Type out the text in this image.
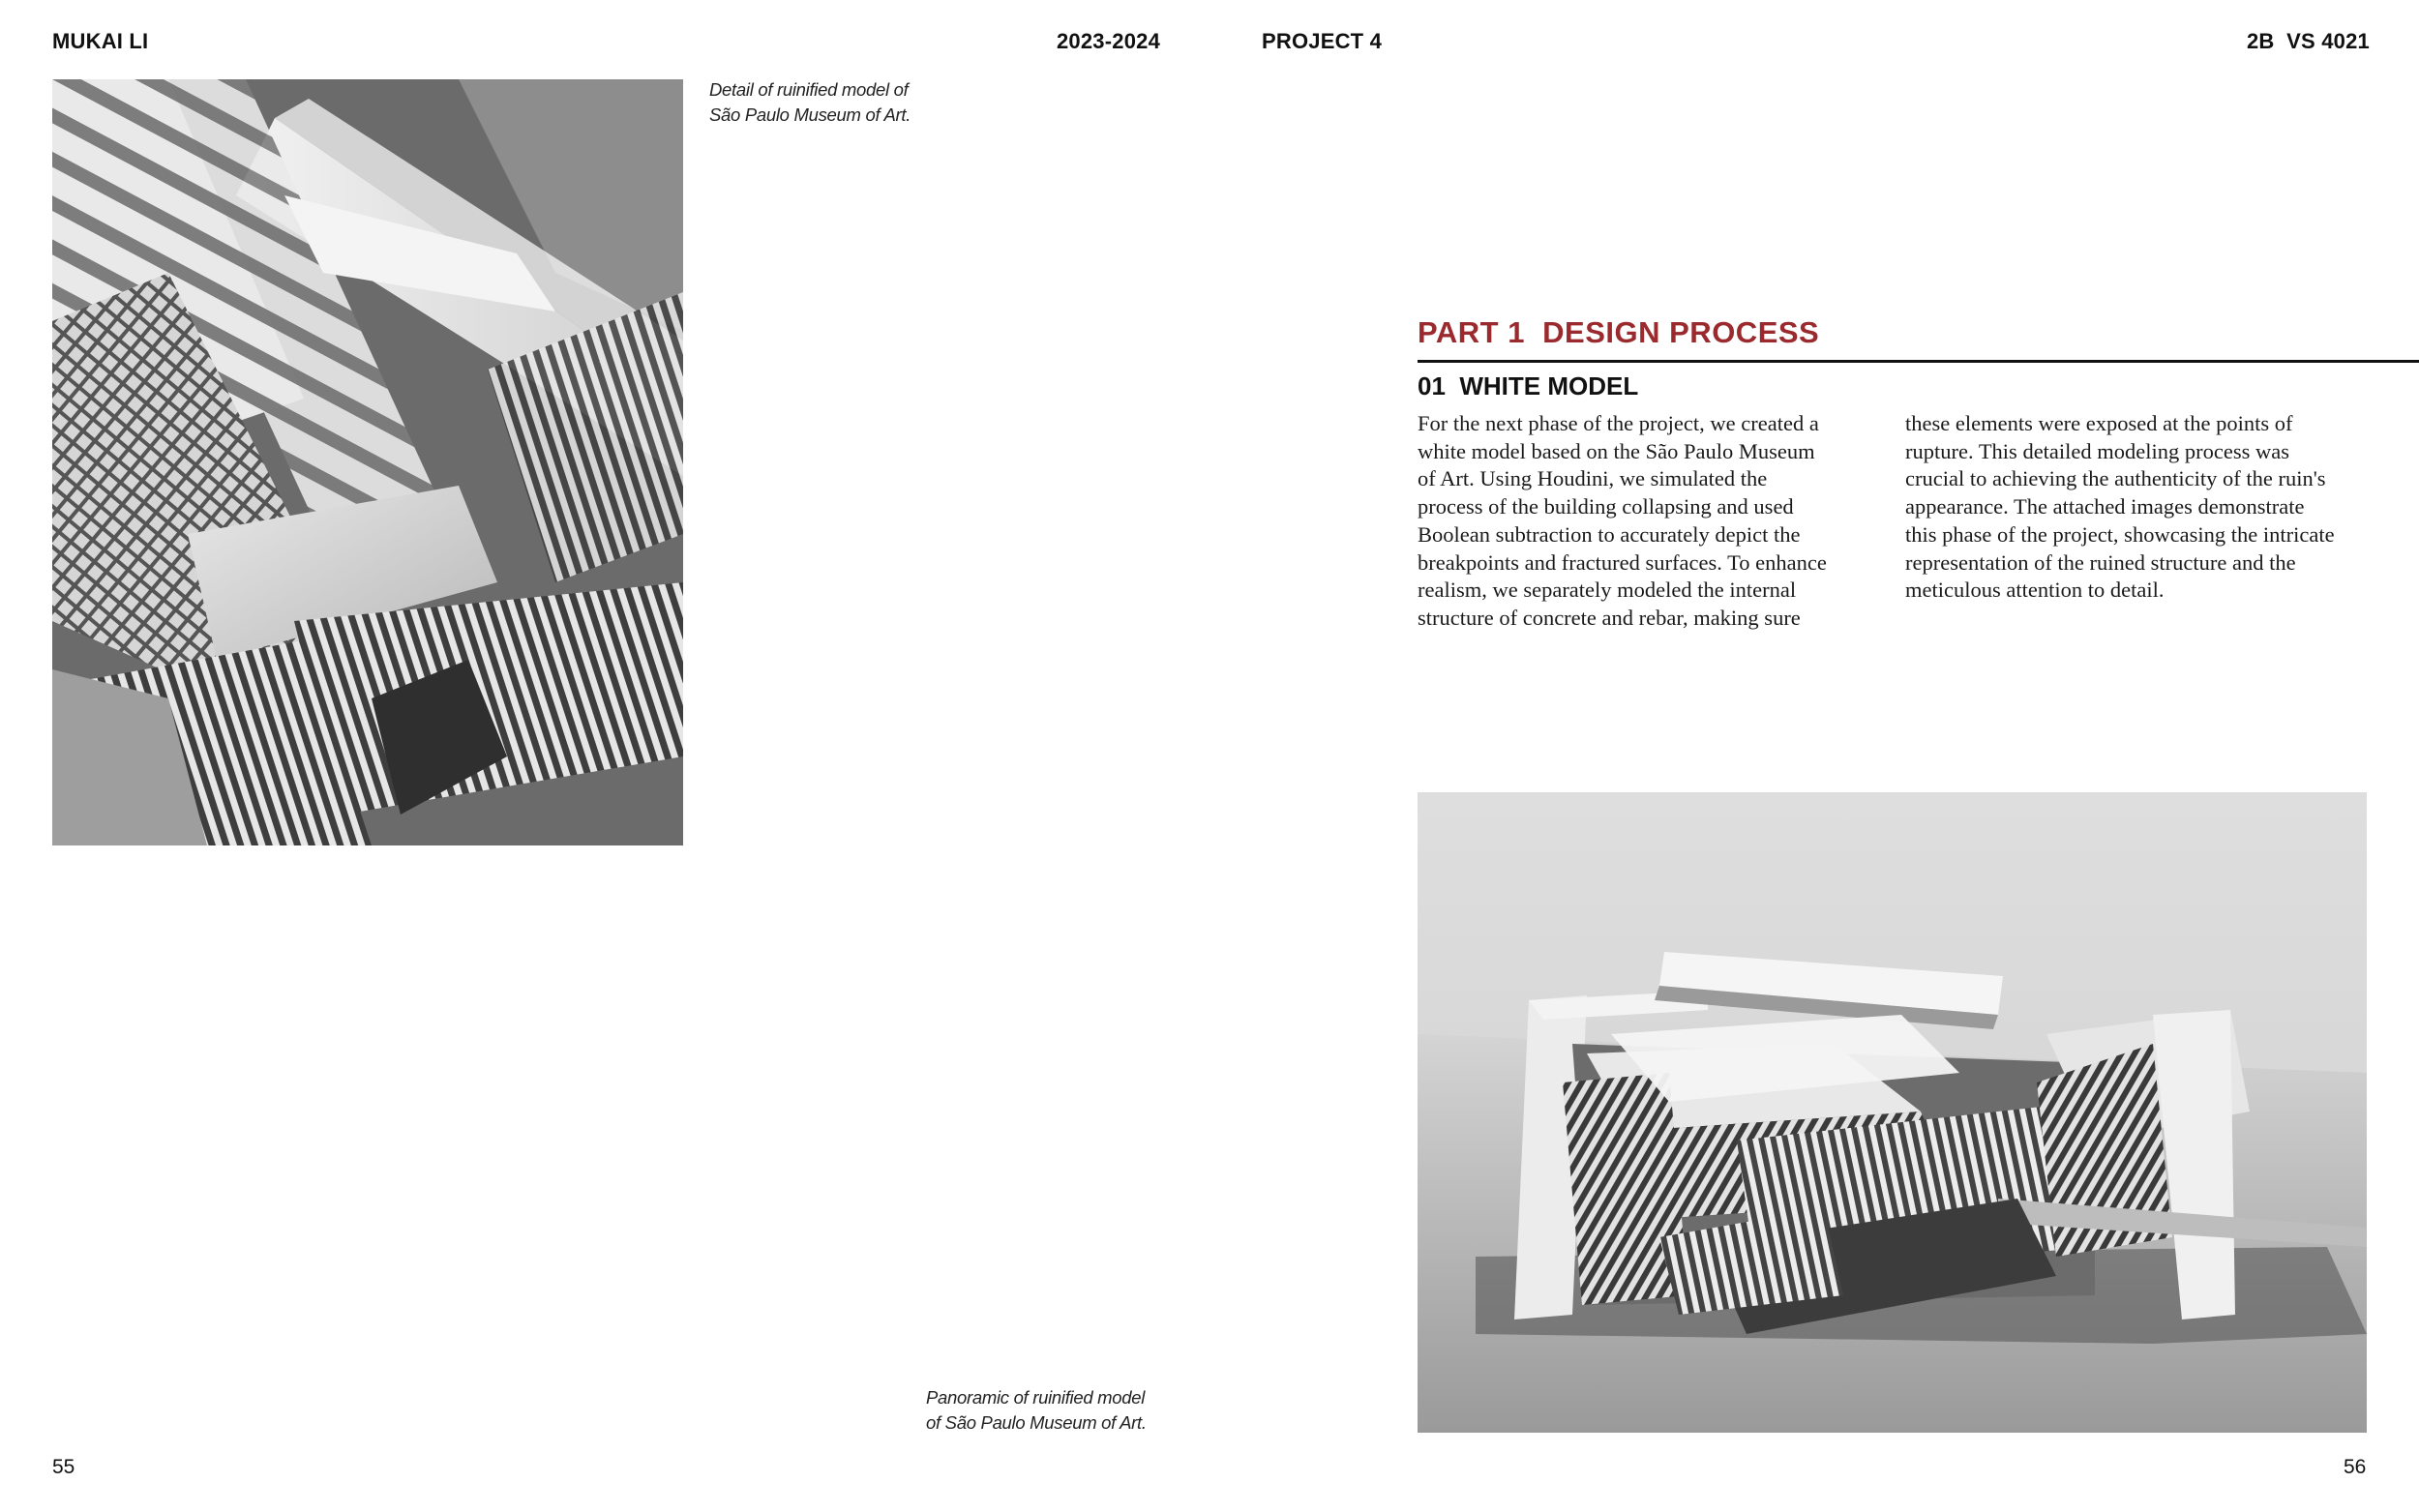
MUKAI LI	2023-2024	PROJECT 4	2B  VS 4021
Detail of ruinified model of
São Paulo Museum of Art.
Panoramic of ruinified model
of São Paulo Museum of Art.
55
PART 1  DESIGN PROCESS
01  WHITE MODEL
For the next phase of the project, we created a
white model based on the São Paulo Museum
of Art. Using Houdini, we simulated the
process of the building collapsing and used
Boolean subtraction to accurately depict the
breakpoints and fractured surfaces. To enhance
realism, we separately modeled the internal
structure of concrete and rebar, making sure
these elements were exposed at the points of
rupture. This detailed modeling process was
crucial to achieving the authenticity of the ruin's
appearance. The attached images demonstrate
this phase of the project, showcasing the intricate
representation of the ruined structure and the
meticulous attention to detail.
56
